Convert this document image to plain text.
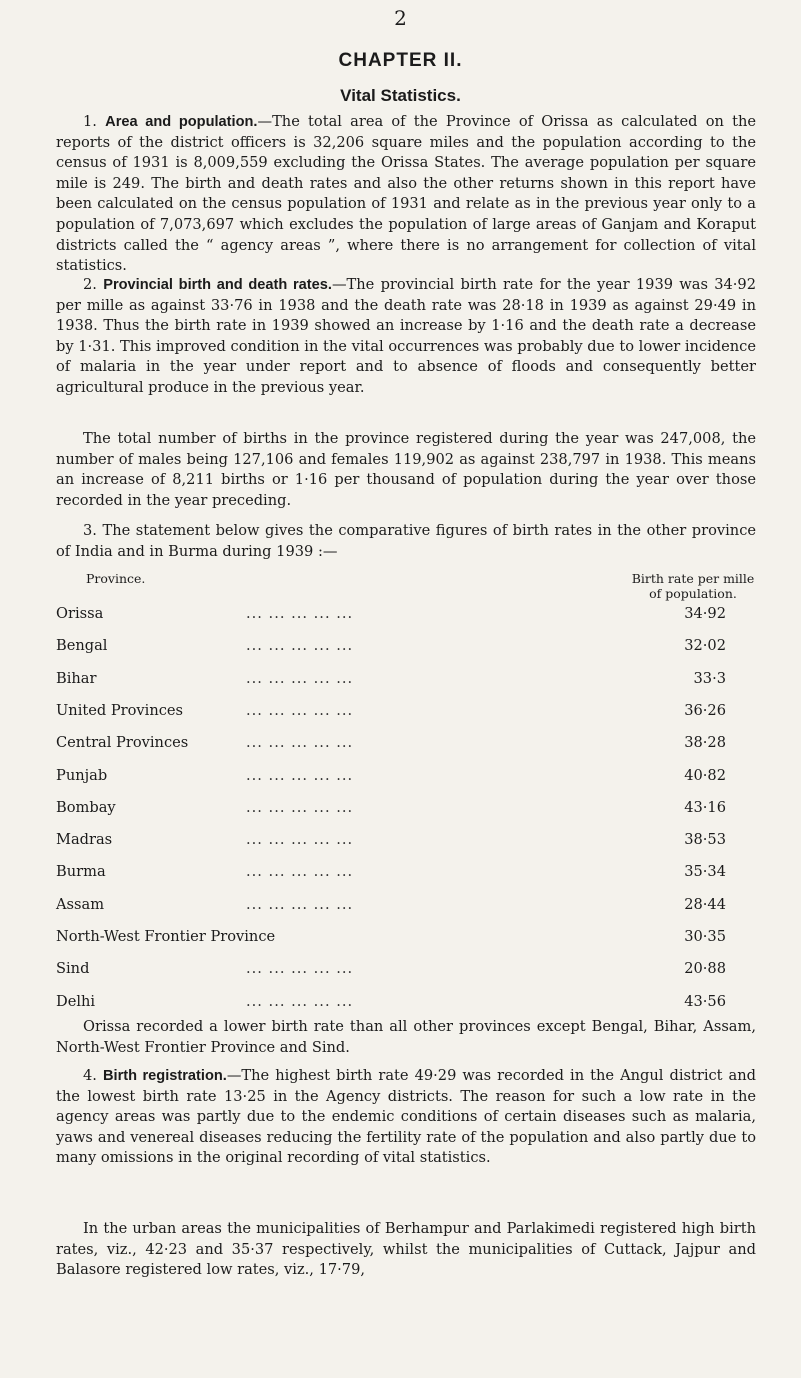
2
CHAPTER II.
Vital Statistics.

1. Area and population.—The total area of the Province of Orissa as calculated on the reports of the district officers is 32,206 square miles and the population according to the census of 1931 is 8,009,559 excluding the Orissa States. The average population per square mile is 249. The birth and death rates and also the other returns shown in this report have been calculated on the census population of 1931 and relate as in the previous year only to a population of 7,073,697 which excludes the population of large areas of Ganjam and Koraput districts called the “ agency areas ”, where there is no arrangement for collection of vital statistics.

2. Provincial birth and death rates.—The provincial birth rate for the year 1939 was 34·92 per mille as against 33·76 in 1938 and the death rate was 28·18 in 1939 as against 29·49 in 1938. Thus the birth rate in 1939 showed an increase by 1·16 and the death rate a decrease by 1·31. This improved condition in the vital occurrences was probably due to lower incidence of malaria in the year under report and to absence of floods and consequently better agricultural produce in the previous year.

The total number of births in the province registered during the year was 247,008, the number of males being 127,106 and females 119,902 as against 238,797 in 1938. This means an increase of 8,211 births or 1·16 per thousand of population during the year over those recorded in the year preceding.

3. The statement below gives the comparative figures of birth rates in the other province of India and in Burma during 1939 :—

Province.	Birth rate per mille
of population.
Orissa	... ... ... ... ...	34·92
Bengal	... ... ... ... ...	32·02
Bihar	... ... ... ... ...	33·3
United Provinces	... ... ... ... ...	36·26
Central Provinces	... ... ... ... ...	38·28
Punjab	... ... ... ... ...	40·82
Bombay	... ... ... ... ...	43·16
Madras	... ... ... ... ...	38·53
Burma	... ... ... ... ...	35·34
Assam	... ... ... ... ...	28·44
North-West Frontier Province	30·35
Sind	... ... ... ... ...	20·88
Delhi	... ... ... ... ...	43·56

Orissa recorded a lower birth rate than all other provinces except Bengal, Bihar, Assam, North-West Frontier Province and Sind.

4. Birth registration.—The highest birth rate 49·29 was recorded in the Angul district and the lowest birth rate 13·25 in the Agency districts. The reason for such a low rate in the agency areas was partly due to the endemic conditions of certain diseases such as malaria, yaws and venereal diseases reducing the fertility rate of the population and also partly due to many omissions in the original recording of vital statistics.

In the urban areas the municipalities of Berhampur and Parlakimedi registered high birth rates, viz., 42·23 and 35·37 respectively, whilst the municipalities of Cuttack, Jajpur and Balasore registered low rates, viz., 17·79,
